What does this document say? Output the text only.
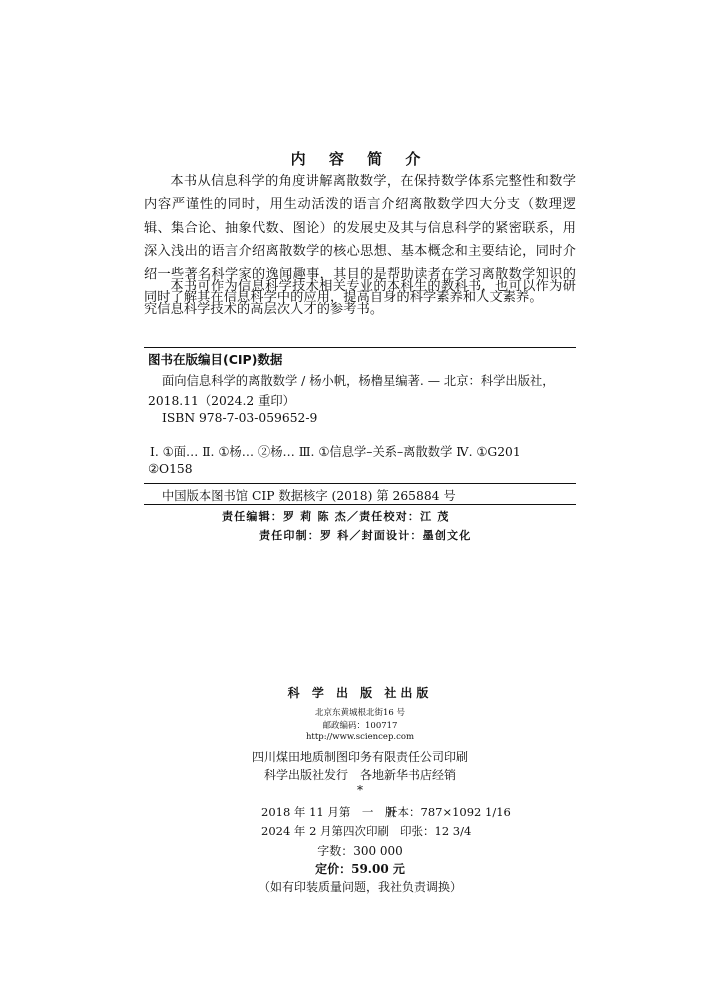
内 容 简 介

本书从信息科学的角度讲解离散数学，在保持数学体系完整性和数学内容严谨性的同时，用生动活泼的语言介绍离散数学四大分支（数理逻辑、集合论、抽象代数、图论）的发展史及其与信息科学的紧密联系，用深入浅出的语言介绍离散数学的核心思想、基本概念和主要结论，同时介绍一些著名科学家的逸闻趣事，其目的是帮助读者在学习离散数学知识的同时了解其在信息科学中的应用，提高自身的科学素养和人文素养。

本书可作为信息科学技术相关专业的本科生的教科书，也可以作为研究信息科学技术的高层次人才的参考书。

图书在版编目(CIP)数据
面向信息科学的离散数学 / 杨小帆，杨橹星编著. — 北京：科学出版社，
2018.11（2024.2 重印）
ISBN 978-7-03-059652-9
Ⅰ. ①面… Ⅱ. ①杨… ②杨… Ⅲ. ①信息学–关系–离散数学 Ⅳ. ①G201
②O158
中国版本图书馆 CIP 数据核字 (2018) 第 265884 号
责任编辑：罗 莉 陈 杰／责任校对：江 茂
责任印制：罗 科／封面设计：墨创文化
科 学 出 版 社出版
北京东黄城根北街16 号
邮政编码：100717
http://www.sciencep.com
四川煤田地质制图印务有限责任公司印刷
科学出版社发行　各地新华书店经销
*
2018 年 11 月第　一　版
开本：787×1092 1/16
2024 年 2 月第四次印刷 印张：12 3/4
字数：300 000
定价：59.00 元
（如有印装质量问题，我社负责调换）
